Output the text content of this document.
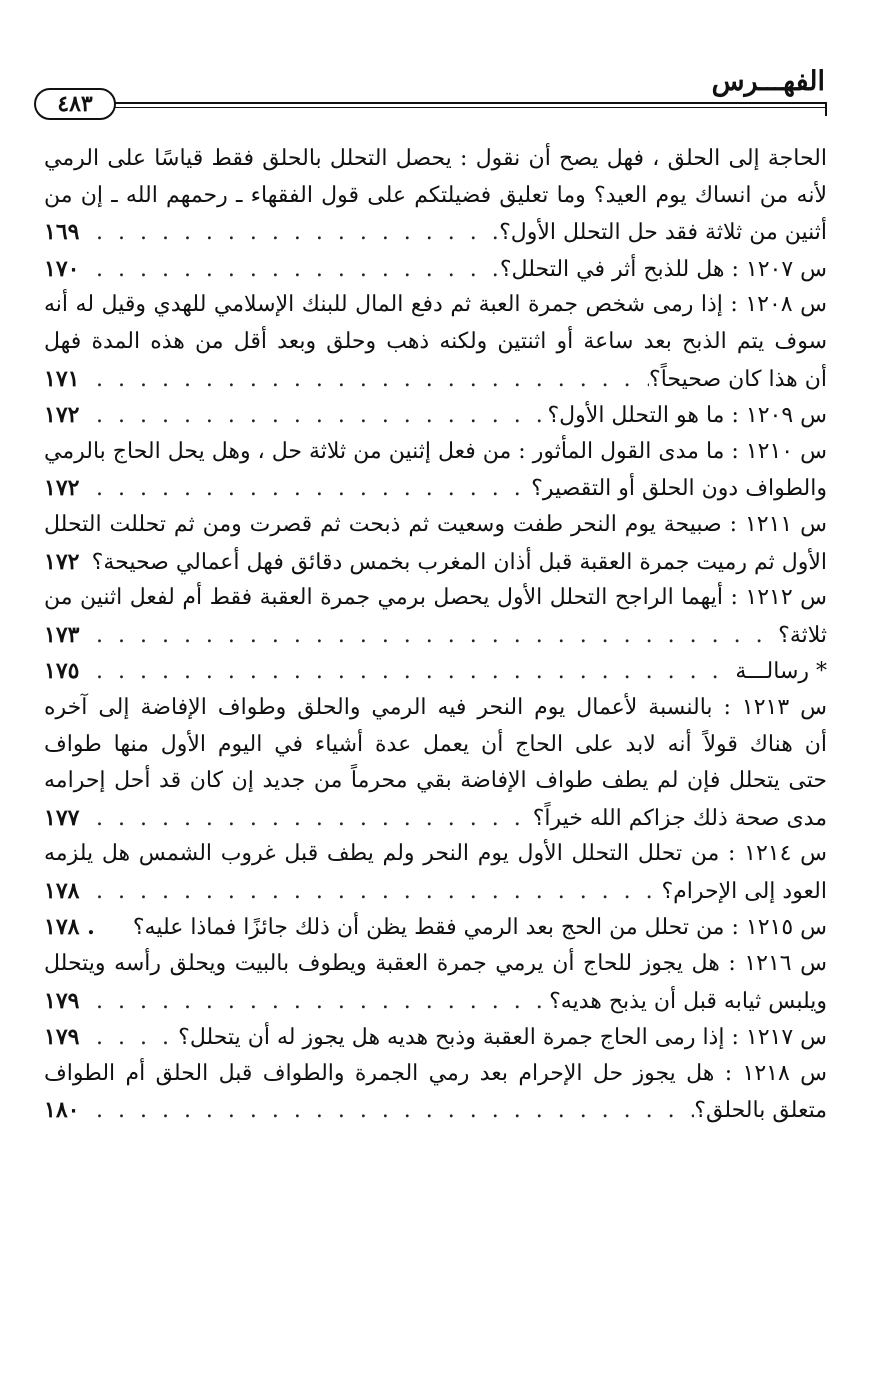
الفهـــرس
٤٨٣
الحاجة إلى الحلق ، فهل يصح أن نقول : يحصل التحلل بالحلق فقط قياسًا على الرمي
لأنه من انساك يوم العيد؟ وما تعليق فضيلتكم على قول الفقهاء ـ رحمهم الله ـ إن من
أثنين من ثلاثة فقد حل التحلل الأول؟
. . .
١٦٩
س ١٢٠٧ : هل للذبح أثر في التحلل؟
. . .
١٧٠
س ١٢٠٨ : إذا رمى شخص جمرة العبة ثم دفع المال للبنك الإسلامي للهدي وقيل له أنه
سوف يتم الذبح بعد ساعة أو اثنتين ولكنه ذهب وحلق وبعد أقل من هذه المدة فهل
أن هذا كان صحيحاً؟
. . .
١٧١
س ١٢٠٩ : ما هو التحلل الأول؟
. . .
١٧٢
س ١٢١٠ : ما مدى القول المأثور : من فعل إثنين من ثلاثة حل ، وهل يحل الحاج بالرمي
والطواف دون الحلق أو التقصير؟
. . .
١٧٢
س ١٢١١ : صبيحة يوم النحر طفت وسعيت ثم ذبحت ثم قصرت ومن ثم تحللت التحلل
الأول ثم رميت جمرة العقبة قبل أذان المغرب بخمس دقائق فهل أعمالي صحيحة؟
١٧٢
س ١٢١٢ : أيهما الراجح التحلل الأول يحصل برمي جمرة العقبة فقط أم لفعل اثنين من
ثلاثة؟
. . .
١٧٣
* رسالـــة
. . .
١٧٥
س ١٢١٣ : بالنسبة لأعمال يوم النحر فيه الرمي والحلق وطواف الإفاضة إلى آخره
أن هناك قولاً أنه لابد على الحاج أن يعمل عدة أشياء في اليوم الأول منها طواف
حتى يتحلل فإن لم يطف طواف الإفاضة بقي محرماً من جديد إن كان قد أحل إحرامه
مدى صحة ذلك جزاكم الله خيراً؟
. . .
١٧٧
س ١٢١٤ : من تحلل التحلل الأول يوم النحر ولم يطف قبل غروب الشمس هل يلزمه
العود إلى الإحرام؟
. . .
١٧٨
س ١٢١٥ : من تحلل من الحج بعد الرمي فقط يظن أن ذلك جائزًا فماذا عليه؟
. ١٧٨
س ١٢١٦ : هل يجوز للحاج أن يرمي جمرة العقبة ويطوف بالبيت ويحلق رأسه ويتحلل
ويلبس ثيابه قبل أن يذبح هديه؟
. . .
١٧٩
س ١٢١٧ : إذا رمى الحاج جمرة العقبة وذبح هديه هل يجوز له أن يتحلل؟
. . .
١٧٩
س ١٢١٨ : هل يجوز حل الإحرام بعد رمي الجمرة والطواف قبل الحلق أم الطواف
متعلق بالحلق؟
. . .
١٨٠
